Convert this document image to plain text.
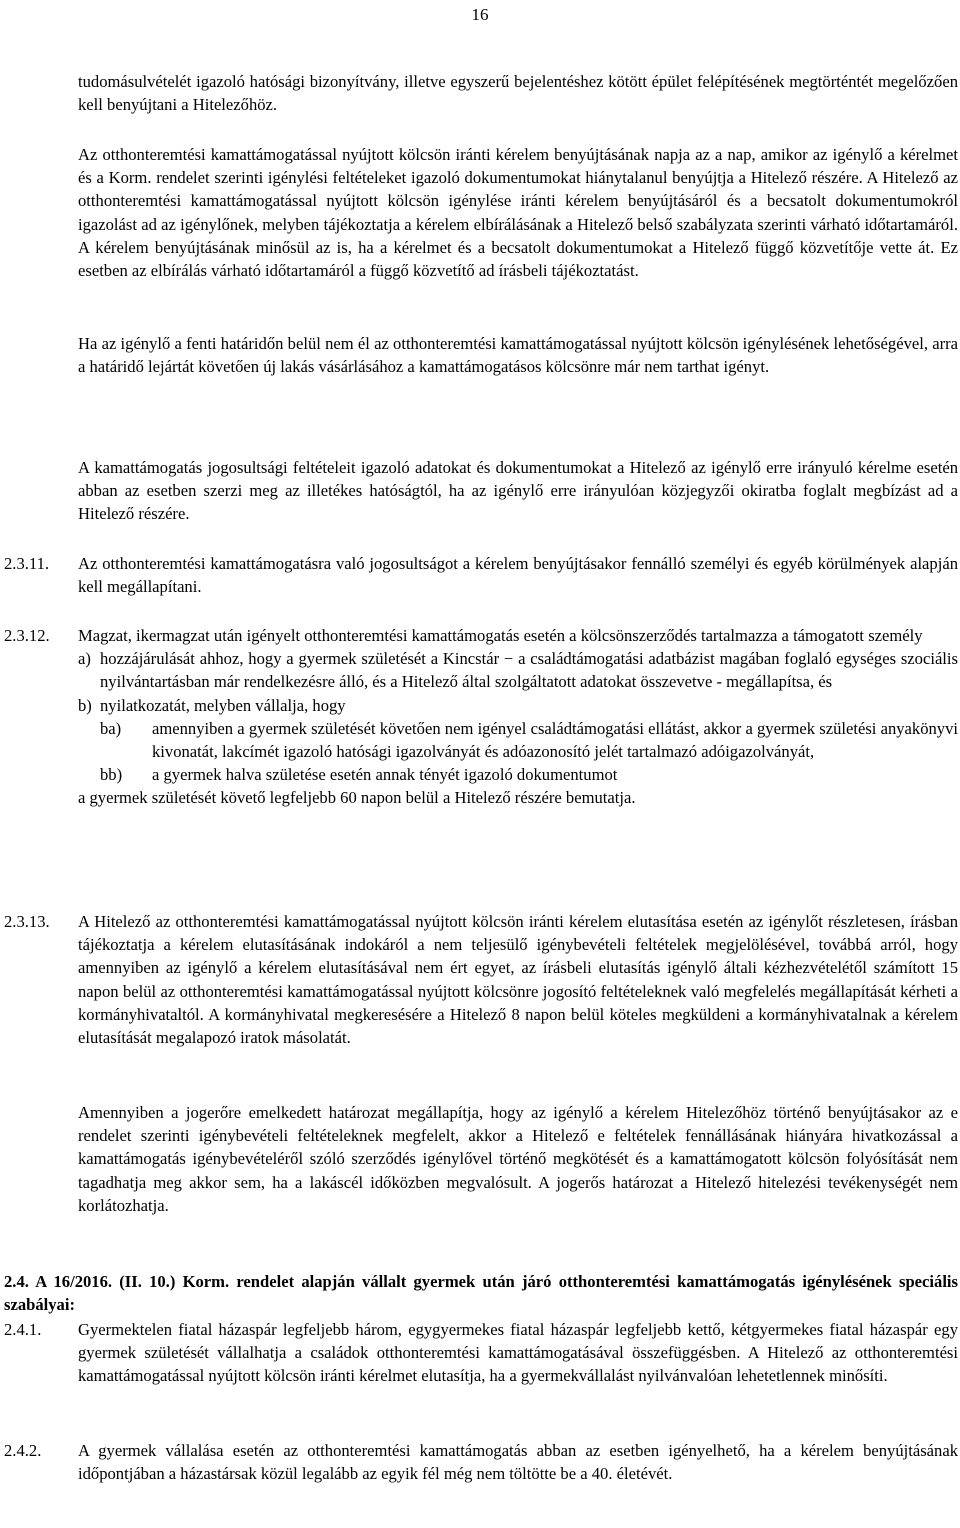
16

tudomásulvételét igazoló hatósági bizonyítvány, illetve egyszerű bejelentéshez kötött épület felépítésének megtörténtét megelőzően kell benyújtani a Hitelezőhöz.

Az otthonteremtési kamattámogatással nyújtott kölcsön iránti kérelem benyújtásának napja az a nap, amikor az igénylő a kérelmet és a Korm. rendelet szerinti igénylési feltételeket igazoló dokumentumokat hiánytalanul benyújtja a Hitelező részére. A Hitelező az otthonteremtési kamattámogatással nyújtott kölcsön igénylése iránti kérelem benyújtásáról és a becsatolt dokumentumokról igazolást ad az igénylőnek, melyben tájékoztatja a kérelem elbírálásának a Hitelező belső szabályzata szerinti várható időtartamáról. A kérelem benyújtásának minősül az is, ha a kérelmet és a becsatolt dokumentumokat a Hitelező függő közvetítője vette át. Ez esetben az elbírálás várható időtartamáról a függő közvetítő ad írásbeli tájékoztatást.

Ha az igénylő a fenti határidőn belül nem él az otthonteremtési kamattámogatással nyújtott kölcsön igénylésének lehetőségével, arra a határidő lejártát követően új lakás vásárlásához a kamattámogatásos kölcsönre már nem tarthat igényt.

A kamattámogatás jogosultsági feltételeit igazoló adatokat és dokumentumokat a Hitelező az igénylő erre irányuló kérelme esetén abban az esetben szerzi meg az illetékes hatóságtól, ha az igénylő erre irányulóan közjegyzői okiratba foglalt megbízást ad a Hitelező részére.

2.3.11. Az otthonteremtési kamattámogatásra való jogosultságot a kérelem benyújtásakor fennálló személyi és egyéb körülmények alapján kell megállapítani.

2.3.12. Magzat, ikermagzat után igényelt otthonteremtési kamattámogatás esetén a kölcsönszerződés tartalmazza a támogatott személy

a) hozzájárulását ahhoz, hogy a gyermek születését a Kincstár − a családtámogatási adatbázist magában foglaló egységes szociális nyilvántartásban már rendelkezésre álló, és a Hitelező által szolgáltatott adatokat összevetve - megállapítsa, és
b) nyilatkozatát, melyben vállalja, hogy
ba) amennyiben a gyermek születését követően nem igényel családtámogatási ellátást, akkor a gyermek születési anyakönyvi kivonatát, lakcímét igazoló hatósági igazolványát és adóazonosító jelét tartalmazó adóigazolványát,
bb) a gyermek halva születése esetén annak tényét igazoló dokumentumot

a gyermek születését követő legfeljebb 60 napon belül a Hitelező részére bemutatja.

2.3.13. A Hitelező az otthonteremtési kamattámogatással nyújtott kölcsön iránti kérelem elutasítása esetén az igénylőt részletesen, írásban tájékoztatja a kérelem elutasításának indokáról a nem teljesülő igénybevételi feltételek megjelölésével, továbbá arról, hogy amennyiben az igénylő a kérelem elutasításával nem ért egyet, az írásbeli elutasítás igénylő általi kézhezvételétől számított 15 napon belül az otthonteremtési kamattámogatással nyújtott kölcsönre jogosító feltételeknek való megfelelés megállapítását kérheti a kormányhivataltól. A kormányhivatal megkeresésére a Hitelező 8 napon belül köteles megküldeni a kormányhivatalnak a kérelem elutasítását megalapozó iratok másolatát.

Amennyiben a jogerőre emelkedett határozat megállapítja, hogy az igénylő a kérelem Hitelezőhöz történő benyújtásakor az e rendelet szerinti igénybevételi feltételeknek megfelelt, akkor a Hitelező e feltételek fennállásának hiányára hivatkozással a kamattámogatás igénybevételéről szóló szerződés igénylővel történő megkötését és a kamattámogatott kölcsön folyósítását nem tagadhatja meg akkor sem, ha a lakáscél időközben megvalósult. A jogerős határozat a Hitelező hitelezési tevékenységét nem korlátozhatja.

2.4. A 16/2016. (II. 10.) Korm. rendelet alapján vállalt gyermek után járó otthonteremtési kamattámogatás igénylésének speciális szabályai:

2.4.1. Gyermektelen fiatal házaspár legfeljebb három, egygyermekes fiatal házaspár legfeljebb kettő, kétgyermekes fiatal házaspár egy gyermek születését vállalhatja a családok otthonteremtési kamattámogatásával összefüggésben. A Hitelező az otthonteremtési kamattámogatással nyújtott kölcsön iránti kérelmet elutasítja, ha a gyermekvállalást nyilvánvalóan lehetetlennek minősíti.

2.4.2. A gyermek vállalása esetén az otthonteremtési kamattámogatás abban az esetben igényelhető, ha a kérelem benyújtásának időpontjában a házastársak közül legalább az egyik fél még nem töltötte be a 40. életévét.
